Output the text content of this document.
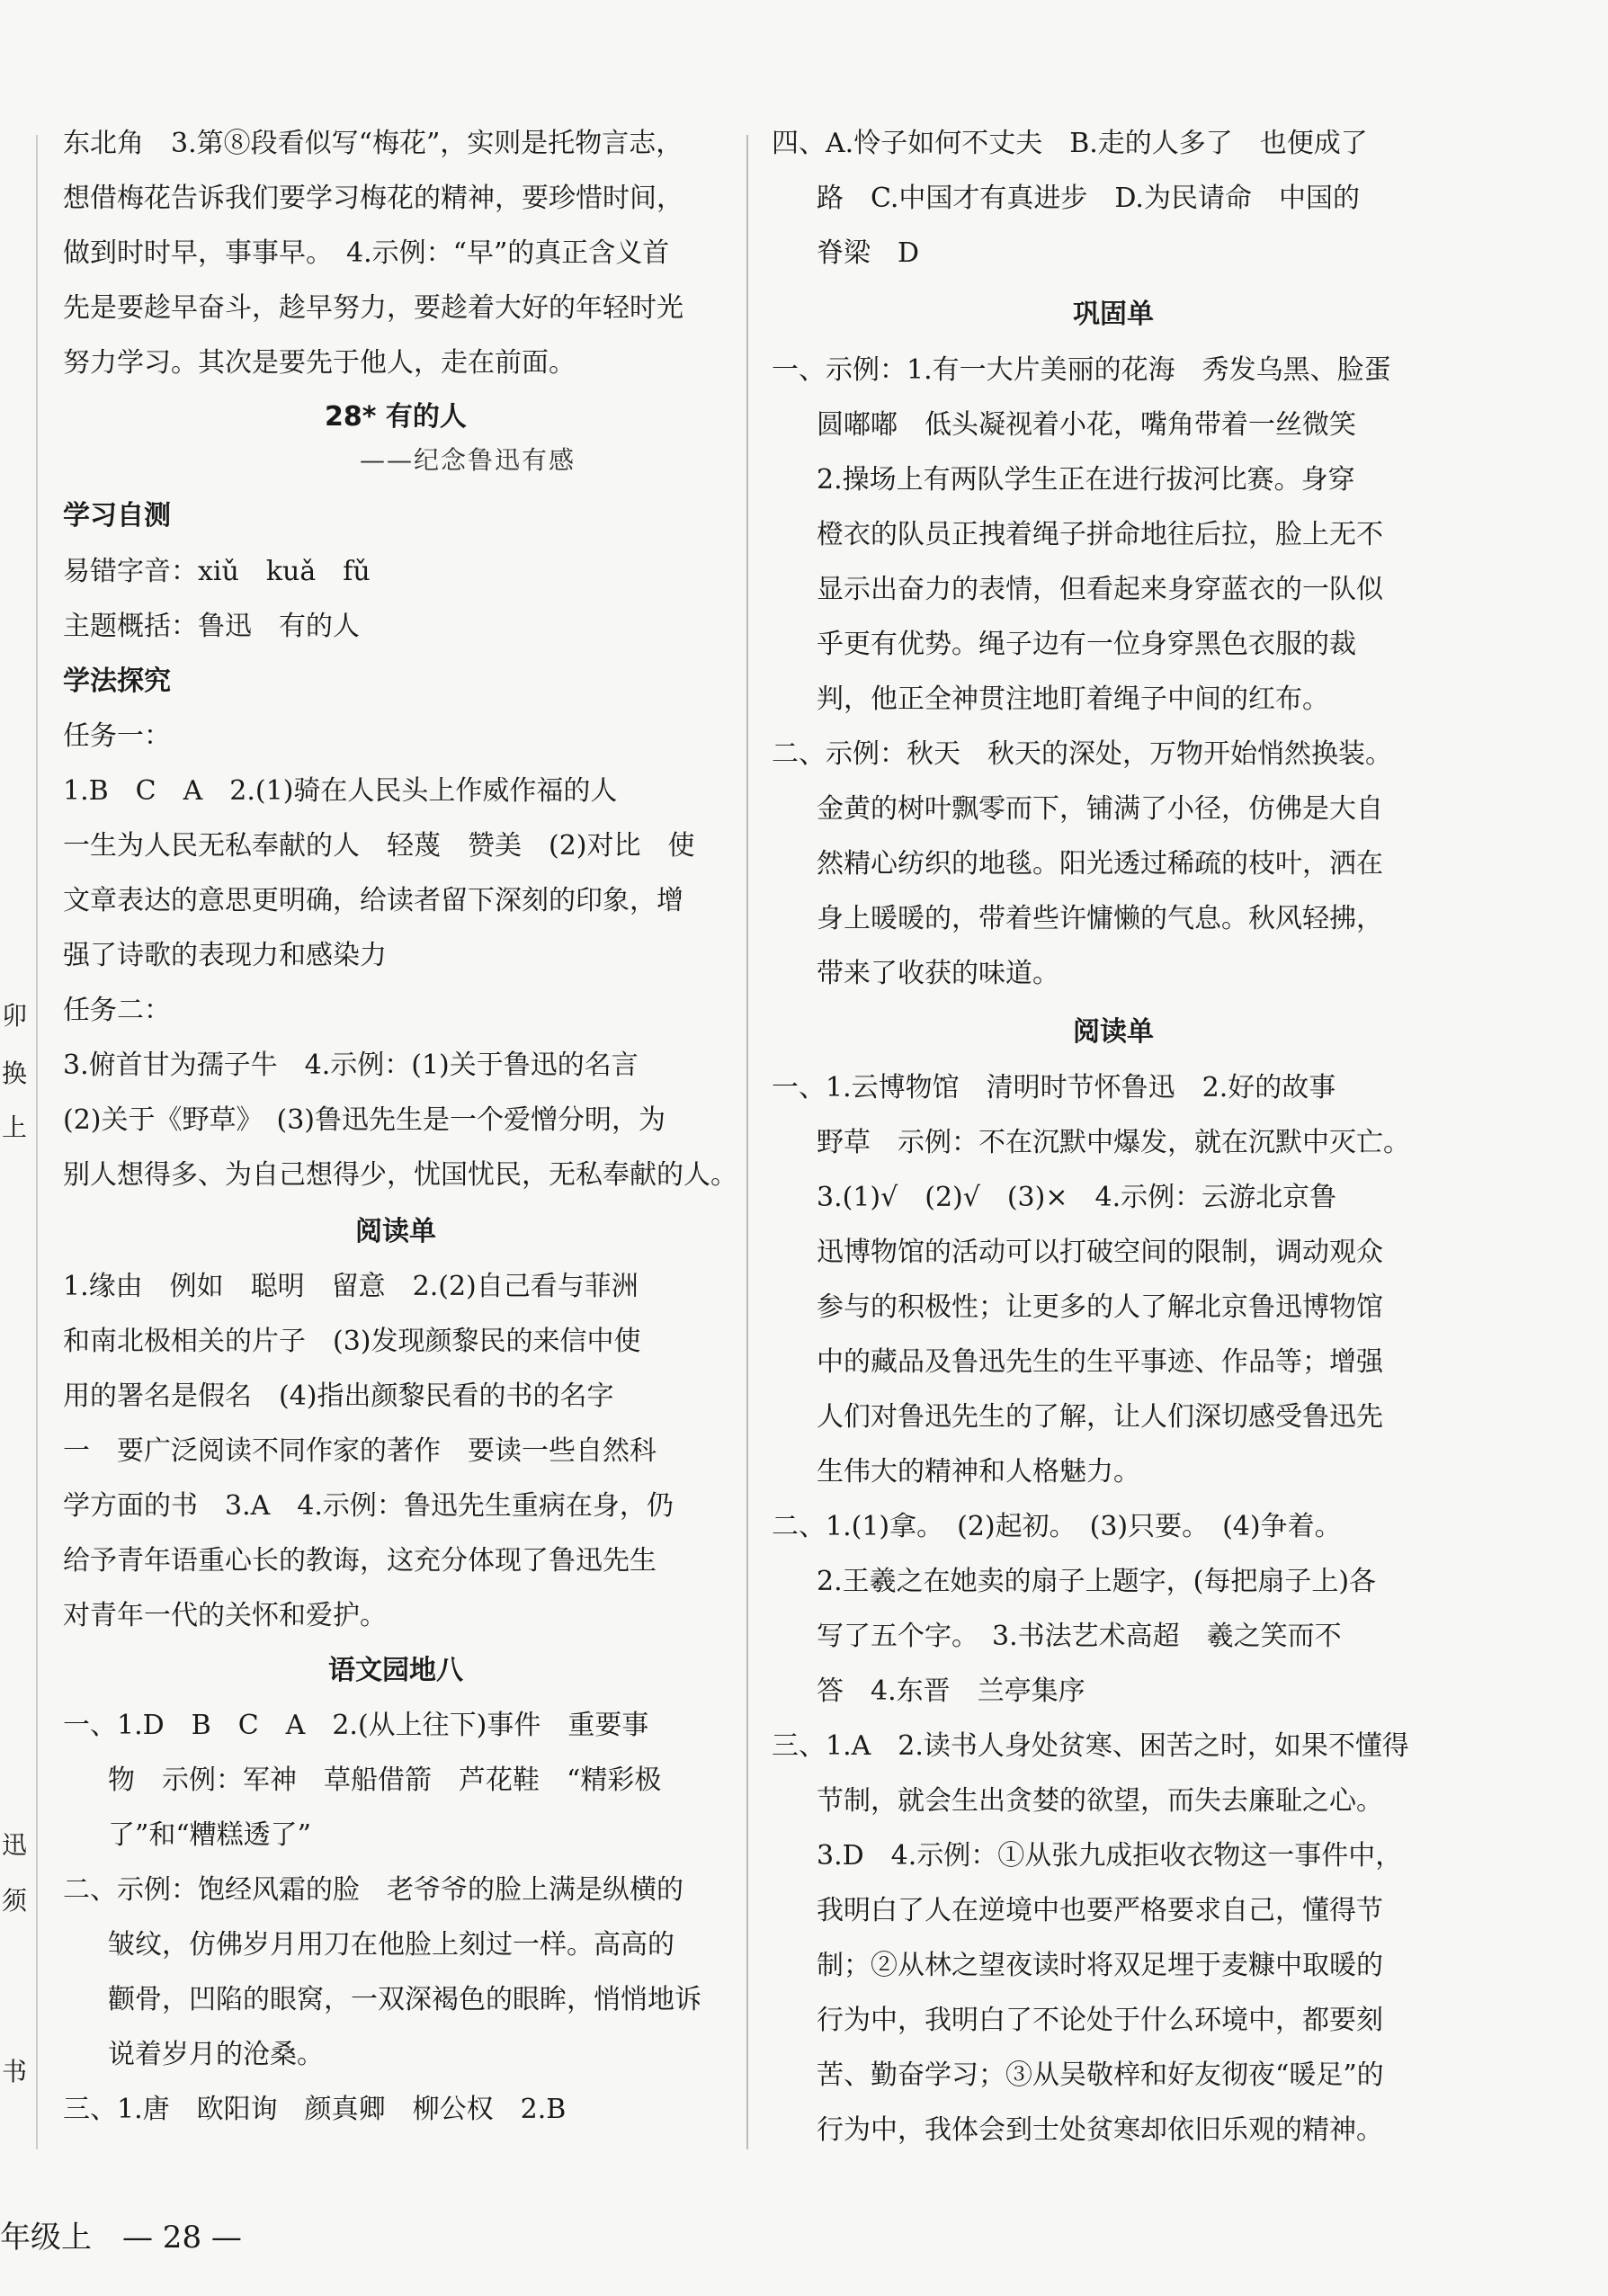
卯
换
上
迅
须
书
东北角　3.第⑧段看似写“梅花”，实则是托物言志，
想借梅花告诉我们要学习梅花的精神，要珍惜时间，
做到时时早，事事早。　4.示例：“早”的真正含义首
先是要趁早奋斗，趁早努力，要趁着大好的年轻时光
努力学习。其次是要先于他人，走在前面。
28* 有的人
——纪念鲁迅有感
学习自测
易错字音：xiǔ　kuǎ　fǔ
主题概括：鲁迅　有的人
学法探究
任务一：
1.B　C　A　2.(1)骑在人民头上作威作福的人
一生为人民无私奉献的人　轻蔑　赞美　(2)对比　使
文章表达的意思更明确，给读者留下深刻的印象，增
强了诗歌的表现力和感染力
任务二：
3.俯首甘为孺子牛　4.示例：(1)关于鲁迅的名言
(2)关于《野草》　(3)鲁迅先生是一个爱憎分明，为
别人想得多、为自己想得少，忧国忧民，无私奉献的人。
阅读单
1.缘由　例如　聪明　留意　2.(2)自己看与菲洲
和南北极相关的片子　(3)发现颜黎民的来信中使
用的署名是假名　(4)指出颜黎民看的书的名字
一　要广泛阅读不同作家的著作　要读一些自然科
学方面的书　3.A　4.示例：鲁迅先生重病在身，仍
给予青年语重心长的教诲，这充分体现了鲁迅先生
对青年一代的关怀和爱护。
语文园地八
一、1.D　B　C　A　2.(从上往下)事件　重要事
物　示例：军神　草船借箭　芦花鞋　“精彩极
了”和“糟糕透了”
二、示例：饱经风霜的脸　老爷爷的脸上满是纵横的
皱纹，仿佛岁月用刀在他脸上刻过一样。高高的
颧骨，凹陷的眼窝，一双深褐色的眼眸，悄悄地诉
说着岁月的沧桑。
三、1.唐　欧阳询　颜真卿　柳公权　2.B
四、A.怜子如何不丈夫　B.走的人多了　也便成了
路　C.中国才有真进步　D.为民请命　中国的
脊梁　D
巩固单
一、示例：1.有一大片美丽的花海　秀发乌黑、脸蛋
圆嘟嘟　低头凝视着小花，嘴角带着一丝微笑
2.操场上有两队学生正在进行拔河比赛。身穿
橙衣的队员正拽着绳子拼命地往后拉，脸上无不
显示出奋力的表情，但看起来身穿蓝衣的一队似
乎更有优势。绳子边有一位身穿黑色衣服的裁
判，他正全神贯注地盯着绳子中间的红布。
二、示例：秋天　秋天的深处，万物开始悄然换装。
金黄的树叶飘零而下，铺满了小径，仿佛是大自
然精心纺织的地毯。阳光透过稀疏的枝叶，洒在
身上暖暖的，带着些许慵懒的气息。秋风轻拂，
带来了收获的味道。
阅读单
一、1.云博物馆　清明时节怀鲁迅　2.好的故事
野草　示例：不在沉默中爆发，就在沉默中灭亡。
3.(1)√　(2)√　(3)×　4.示例：云游北京鲁
迅博物馆的活动可以打破空间的限制，调动观众
参与的积极性；让更多的人了解北京鲁迅博物馆
中的藏品及鲁迅先生的生平事迹、作品等；增强
人们对鲁迅先生的了解，让人们深切感受鲁迅先
生伟大的精神和人格魅力。
二、1.(1)拿。　(2)起初。　(3)只要。　(4)争着。
2.王羲之在她卖的扇子上题字，(每把扇子上)各
写了五个字。　3.书法艺术高超　羲之笑而不
答　4.东晋　兰亭集序
三、1.A　2.读书人身处贫寒、困苦之时，如果不懂得
节制，就会生出贪婪的欲望，而失去廉耻之心。
3.D　4.示例：①从张九成拒收衣物这一事件中，
我明白了人在逆境中也要严格要求自己，懂得节
制；②从林之望夜读时将双足埋于麦糠中取暖的
行为中，我明白了不论处于什么环境中，都要刻
苦、勤奋学习；③从吴敬梓和好友彻夜“暖足”的
行为中，我体会到士处贫寒却依旧乐观的精神。
年级上　— 28 —
